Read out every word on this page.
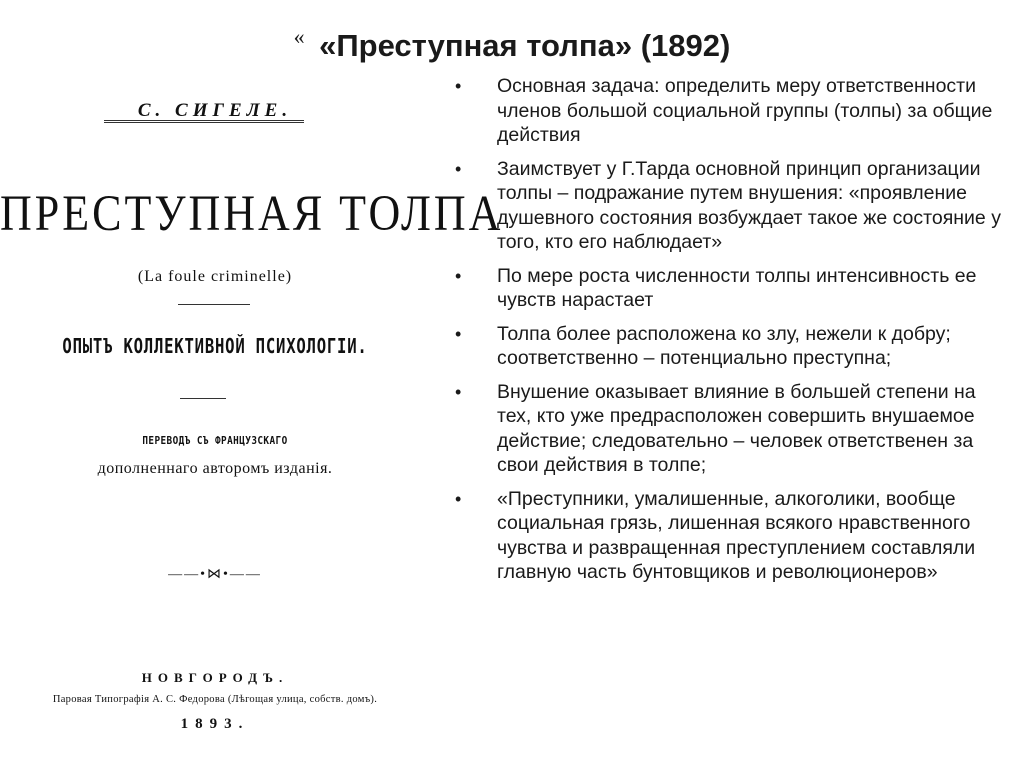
« «Преступная толпа» (1892)
С. СИГЕЛЕ.
ПРЕСТУПНАЯ ТОЛПА
(La foule criminelle)
ОПЫТЪ КОЛЛЕКТИВНОЙ ПСИХОЛОГІИ.
ПЕРЕВОДЪ СЪ ФРАНЦУЗСКАГО
дополненнаго авторомъ изданія.
——•⋈•——
НОВГОРОДЪ.
Паровая Типографія А. С. Федорова (Лѣгощая улица, собств. домъ).
1893.
• Основная задача: определить меру ответственности членов большой социальной группы (толпы) за общие действия
• Заимствует у Г.Тарда основной принцип организации толпы – подражание путем внушения: «проявление душевного состояния возбуждает такое же состояние у того, кто его наблюдает»
• По мере роста численности толпы интенсивность ее чувств нарастает
• Толпа более расположена ко злу, нежели к добру; соответственно – потенциально преступна;
• Внушение оказывает влияние в большей степени на тех, кто уже предрасположен совершить внушаемое действие; следовательно – человек ответственен за свои действия в толпе;
• «Преступники, умалишенные, алкоголики, вообще социальная грязь, лишенная всякого нравственного чувства и развращенная преступлением составляли главную часть бунтовщиков и революционеров»
